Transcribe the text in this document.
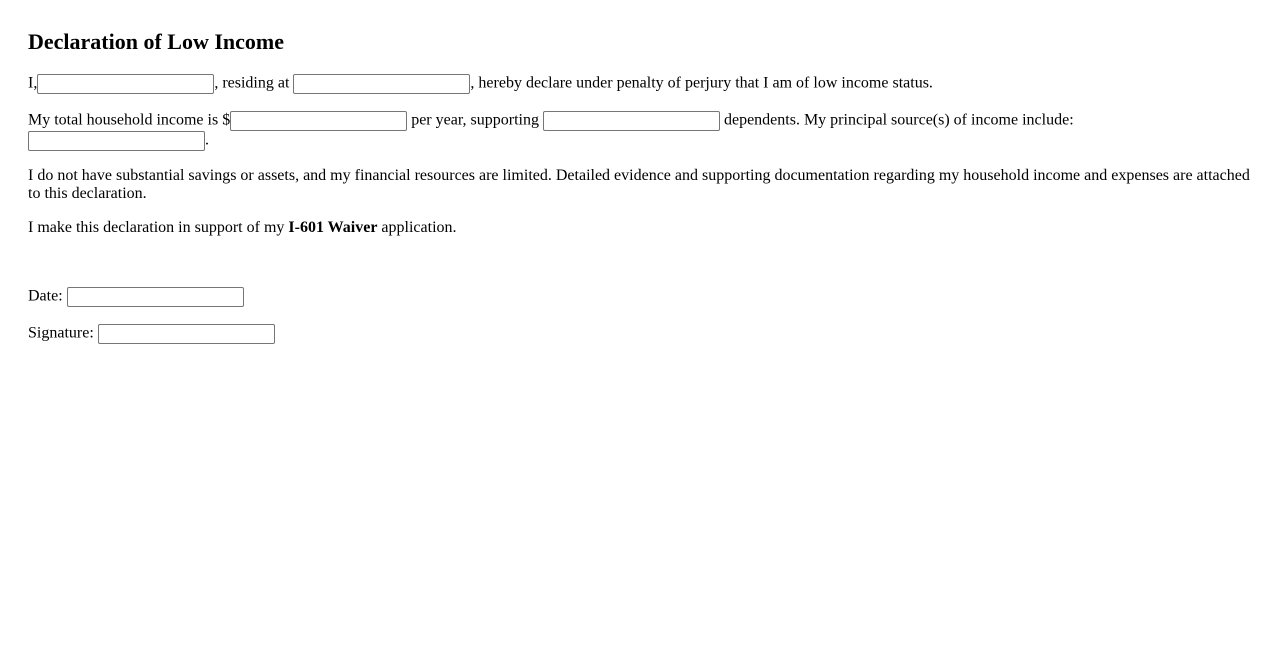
Declaration of Low Income

I,	, residing at	, hereby declare under penalty of perjury that I am of low income status.

My total household income is $	per year, supporting	dependents. My principal source(s) of income include:
.

I do not have substantial savings or assets, and my financial resources are limited. Detailed evidence and supporting documentation regarding my household income and expenses are attached to this declaration.

I make this declaration in support of my I-601 Waiver application.

Date:

Signature:
